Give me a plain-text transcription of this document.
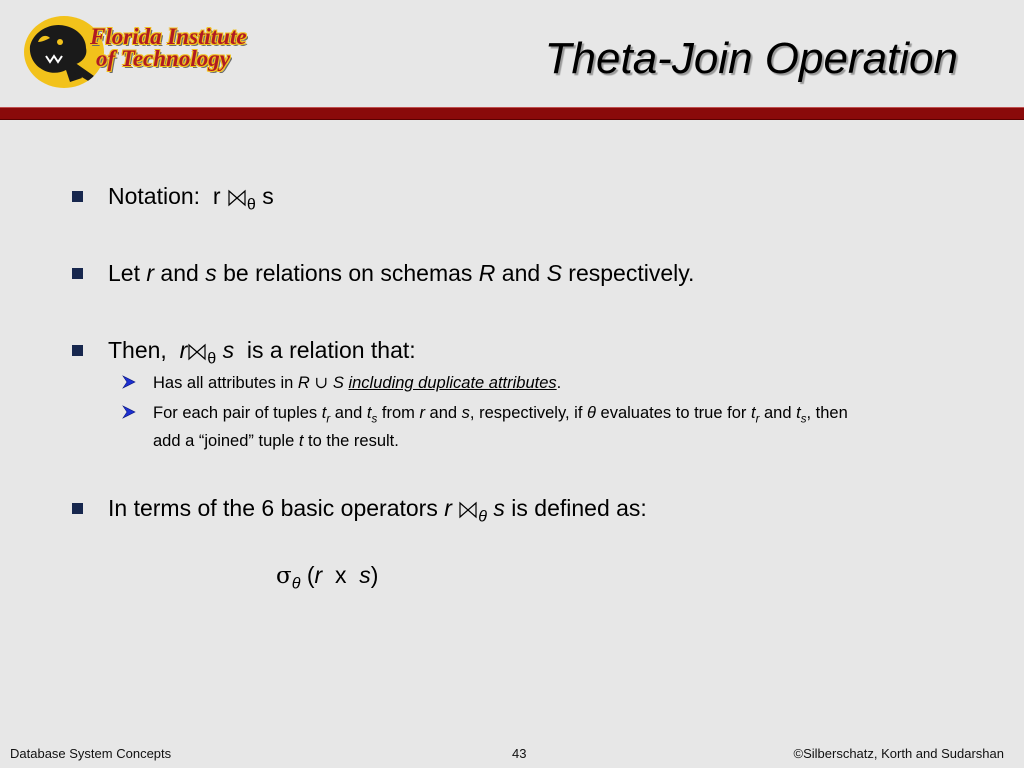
Florida Institute
of Technology	Theta-Join Operation
Notation: r $_\theta$ s
Let r and s be relations on schemas R and S respectively.
Then,  r $_\theta$ s  is a relation that:
Has all attributes in R ∪ S including duplicate attributes.
For each pair of tuples $t_r$ and $t_s$ from r and s, respectively, if θ evaluates to true for $t_r$ and $t_s$, then
add a “joined” tuple t to the result.
In terms of the 6 basic operators r $_\theta$ s is defined as:
$\sigma_\theta$ (r x s)
Database System Concepts	43	©Silberschatz, Korth and Sudarshan
